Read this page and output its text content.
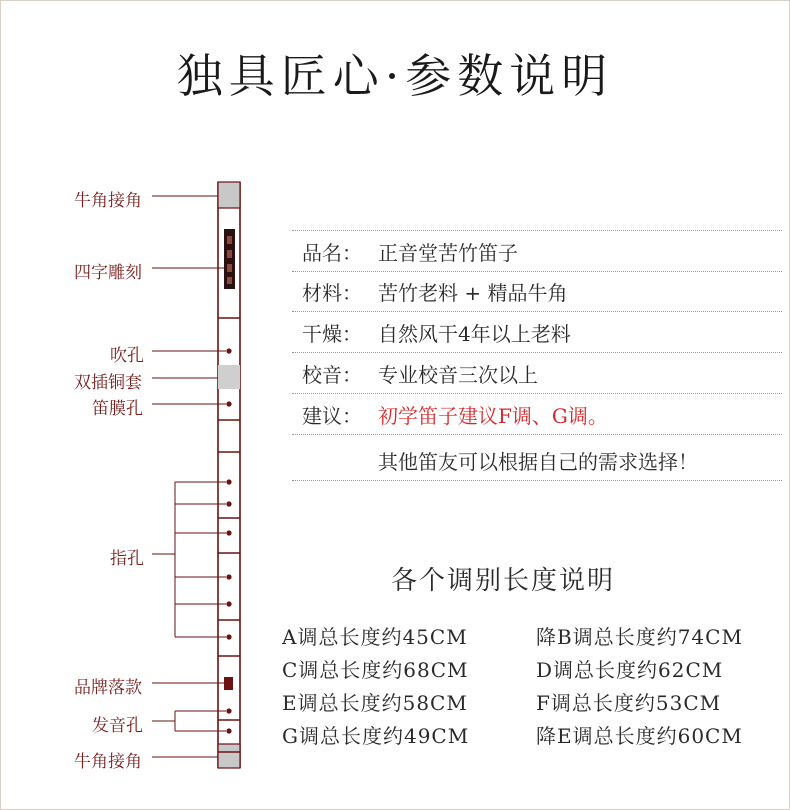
独具匠心·参数说明
牛角接角
四字雕刻
吹孔
双插铜套
笛膜孔
指孔
品牌落款
发音孔
牛角接角
品名： 正音堂苦竹笛子
材料： 苦竹老料 + 精品牛角
干燥： 自然风干4年以上老料
校音： 专业校音三次以上
建议： 初学笛子建议F调、G调。
其他笛友可以根据自己的需求选择！
各个调别长度说明
A调总长度约45CM	降B调总长度约74CM
C调总长度约68CM	D调总长度约62CM
E调总长度约58CM	F调总长度约53CM
G调总长度约49CM	降E调总长度约60CM
